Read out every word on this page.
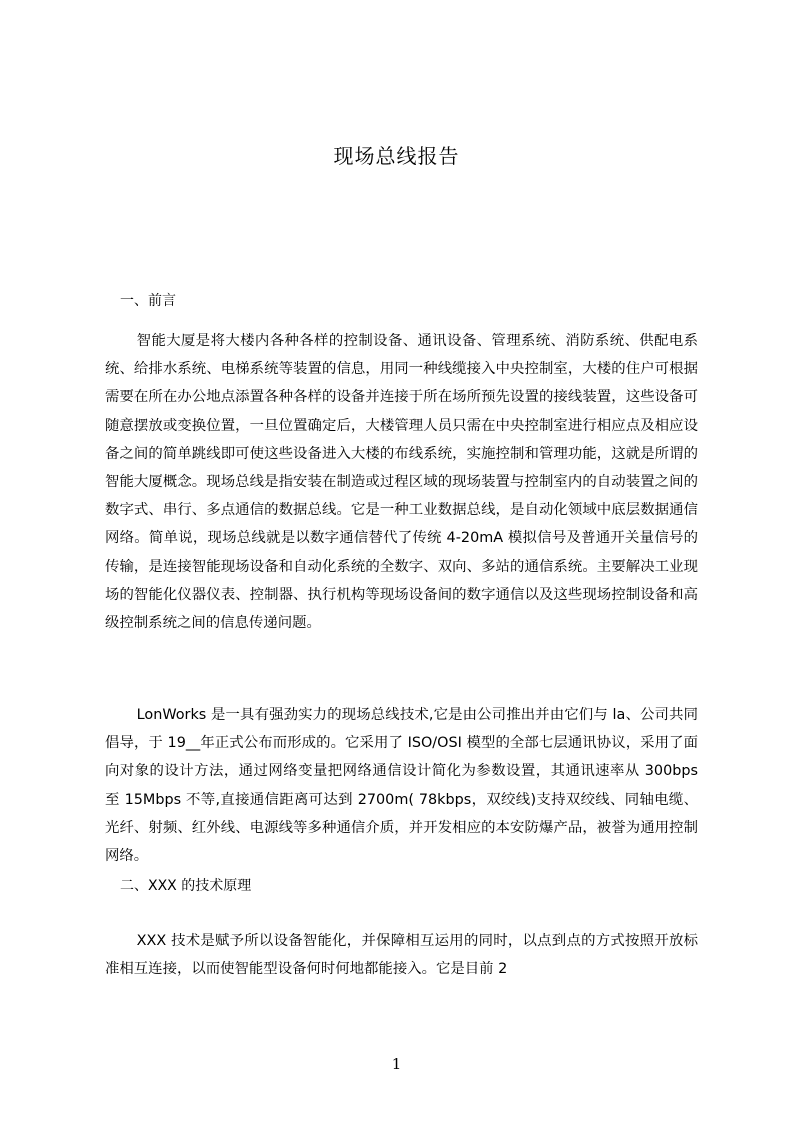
现场总线报告
一、前言

智能大厦是将大楼内各种各样的控制设备、通讯设备、管理系统、消防系统、供配电系统、给排水系统、电梯系统等装置的信息，用同一种线缆接入中央控制室，大楼的住户可根据需要在所在办公地点添置各种各样的设备并连接于所在场所预先设置的接线装置，这些设备可随意摆放或变换位置，一旦位置确定后，大楼管理人员只需在中央控制室进行相应点及相应设备之间的简单跳线即可使这些设备进入大楼的布线系统，实施控制和管理功能，这就是所谓的智能大厦概念。现场总线是指安装在制造或过程区域的现场装置与控制室内的自动装置之间的数字式、串行、多点通信的数据总线。它是一种工业数据总线，是自动化领域中底层数据通信网络。简单说，现场总线就是以数字通信替代了传统 4-20mA 模拟信号及普通开关量信号的传输，是连接智能现场设备和自动化系统的全数字、双向、多站的通信系统。主要解决工业现场的智能化仪器仪表、控制器、执行机构等现场设备间的数字通信以及这些现场控制设备和高级控制系统之间的信息传递问题。

LonWorks 是一具有强劲实力的现场总线技术,它是由公司推出并由它们与 la、公司共同倡导，于 19__年正式公布而形成的。它采用了 ISO/OSI 模型的全部七层通讯协议，采用了面向对象的设计方法，通过网络变量把网络通信设计简化为参数设置，其通讯速率从 300bps 至 15Mbps 不等,直接通信距离可达到 2700m( 78kbps，双绞线)支持双绞线、同轴电缆、光纤、射频、红外线、电源线等多种通信介质，并开发相应的本安防爆产品，被誉为通用控制网络。

二、XXX 的技术原理

XXX 技术是赋予所以设备智能化，并保障相互运用的同时，以点到点的方式按照开放标准相互连接，以而使智能型设备何时何地都能接入。它是目前 2

1
